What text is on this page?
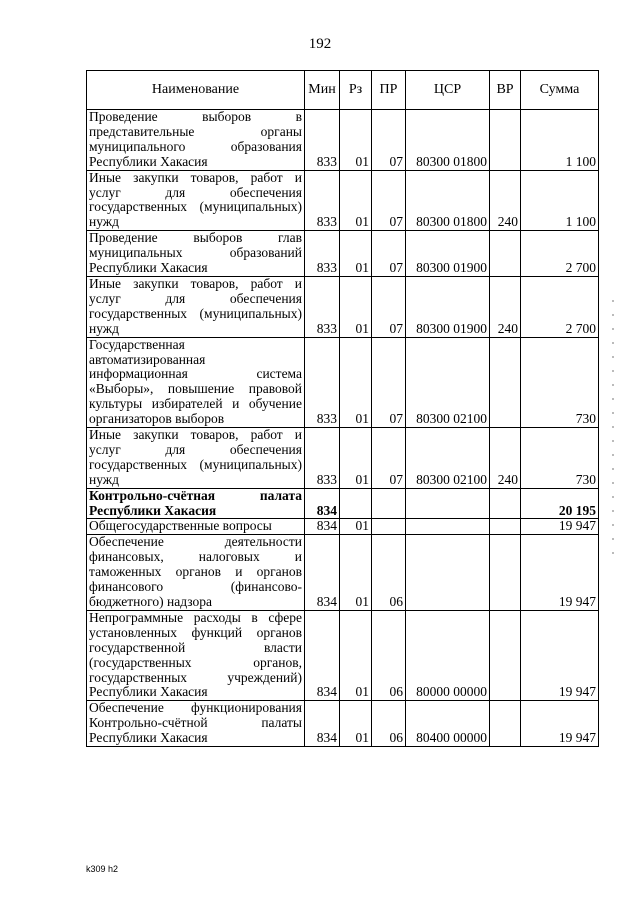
192
Наименование	Мин	Рз	ПР	ЦСР	ВР	Сумма
Проведение выборов в представительные органы муниципального образования Республики Хакасия	833	01	07	80300 01800		1 100
Иные закупки товаров, работ и услуг для обеспечения государственных (муниципальных) нужд	833	01	07	80300 01800	240	1 100
Проведение выборов глав муниципальных образований Республики Хакасия	833	01	07	80300 01900		2 700
Иные закупки товаров, работ и услуг для обеспечения государственных (муниципальных) нужд	833	01	07	80300 01900	240	2 700
Государственная автоматизированная информационная система «Выборы», повышение правовой культуры избирателей и обучение организаторов выборов	833	01	07	80300 02100		730
Иные закупки товаров, работ и услуг для обеспечения государственных (муниципальных) нужд	833	01	07	80300 02100	240	730
Контрольно-счётная палата Республики Хакасия	834					20 195
Общегосударственные вопросы	834	01				19 947
Обеспечение деятельности финансовых, налоговых и таможенных органов и органов финансового (финансово-бюджетного) надзора	834	01	06			19 947
Непрограммные расходы в сфере установленных функций органов государственной власти (государственных органов, государственных учреждений) Республики Хакасия	834	01	06	80000 00000		19 947
Обеспечение функционирования Контрольно-счётной палаты Республики Хакасия	834	01	06	80400 00000		19 947
k309 h2
